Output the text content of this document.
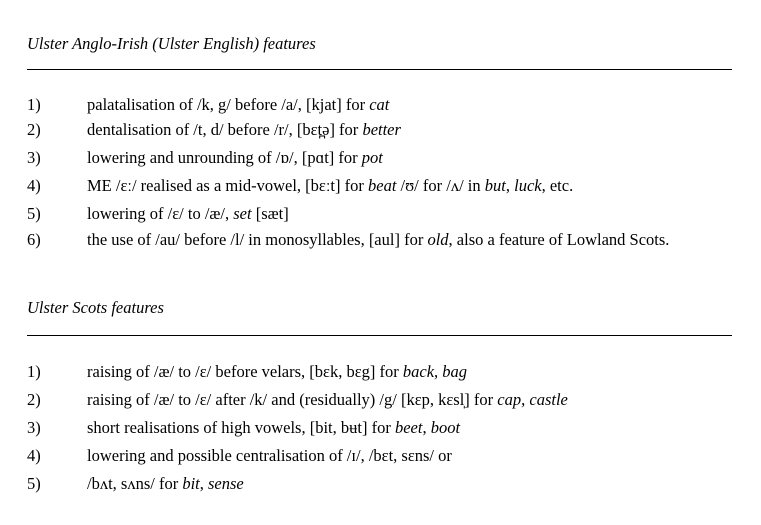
Ulster Anglo-Irish (Ulster English) features
1)	palatalisation of /k, g/ before /a/, [kjat] for cat
2)	dentalisation of /t, d/ before /r/, [bɛt̪ə] for better
3)	lowering and unrounding of /ɒ/, [pɑt] for pot
4)	ME /ɛː/ realised as a mid-vowel, [bɛːt] for beat /ʊ/ for /ʌ/ in but, luck, etc.
5)	lowering of /ɛ/ to /æ/, set [sæt]
6)	the use of /au/ before /l/ in monosyllables, [aul] for old, also a feature of Lowland Scots.
Ulster Scots features
1)	raising of /æ/ to /ɛ/ before velars, [bɛk, bɛg] for back, bag
2)	raising of /æ/ to /ɛ/ after /k/ and (residually) /g/ [kɛp, kɛsl̩] for cap, castle
3)	short realisations of high vowels, [bit, bʉt] for beet, boot
4)	lowering and possible centralisation of /ɪ/, /bɛt, sɛns/ or
5)	/bʌt, sʌns/ for bit, sense
